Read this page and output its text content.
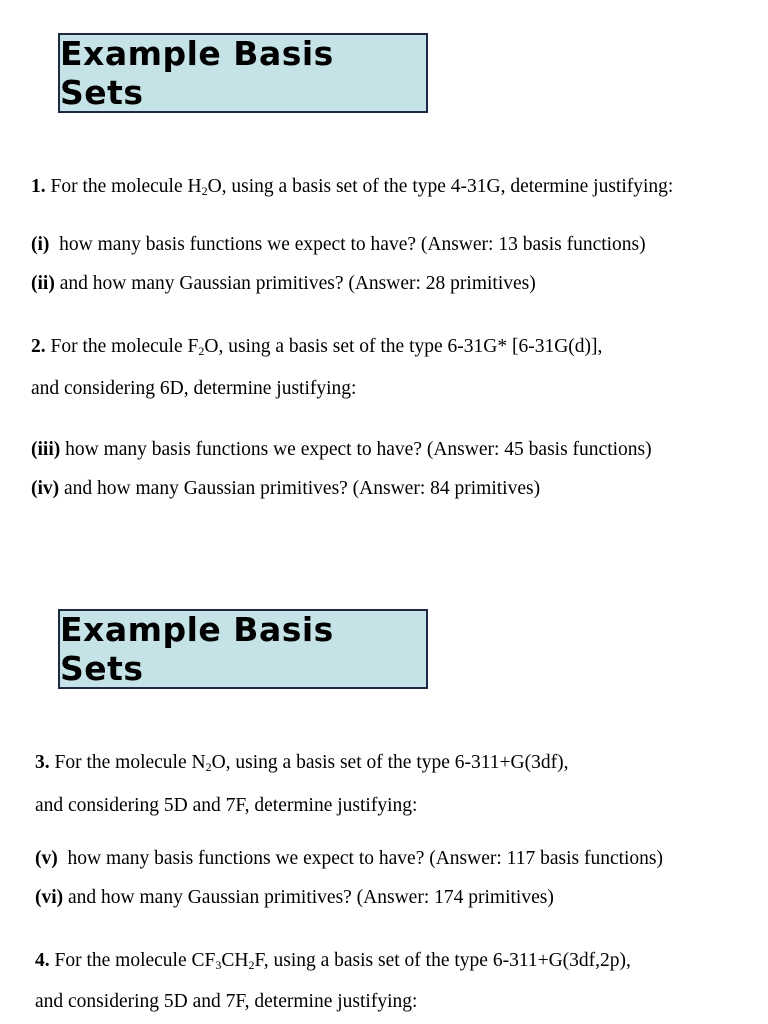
Example Basis Sets
1. For the molecule $H_2O$, using a basis set of the type 4-31G, determine justifying:
(i) how many basis functions we expect to have? (Answer: 13 basis functions)
(ii) and how many Gaussian primitives? (Answer: 28 primitives)
2. For the molecule $F_2O$, using a basis set of the type 6-31G* [6-31G(d)],
and considering 6D, determine justifying:
(iii) how many basis functions we expect to have? (Answer: 45 basis functions)
(iv) and how many Gaussian primitives? (Answer: 84 primitives)
Example Basis Sets
3. For the molecule $N_2O$, using a basis set of the type 6-311+G(3df),
and considering 5D and 7F, determine justifying:
(v) how many basis functions we expect to have? (Answer: 117 basis functions)
(vi) and how many Gaussian primitives? (Answer: 174 primitives)
4. For the molecule $CF_3CH_2F$, using a basis set of the type 6-311+G(3df,2p),
and considering 5D and 7F, determine justifying:
